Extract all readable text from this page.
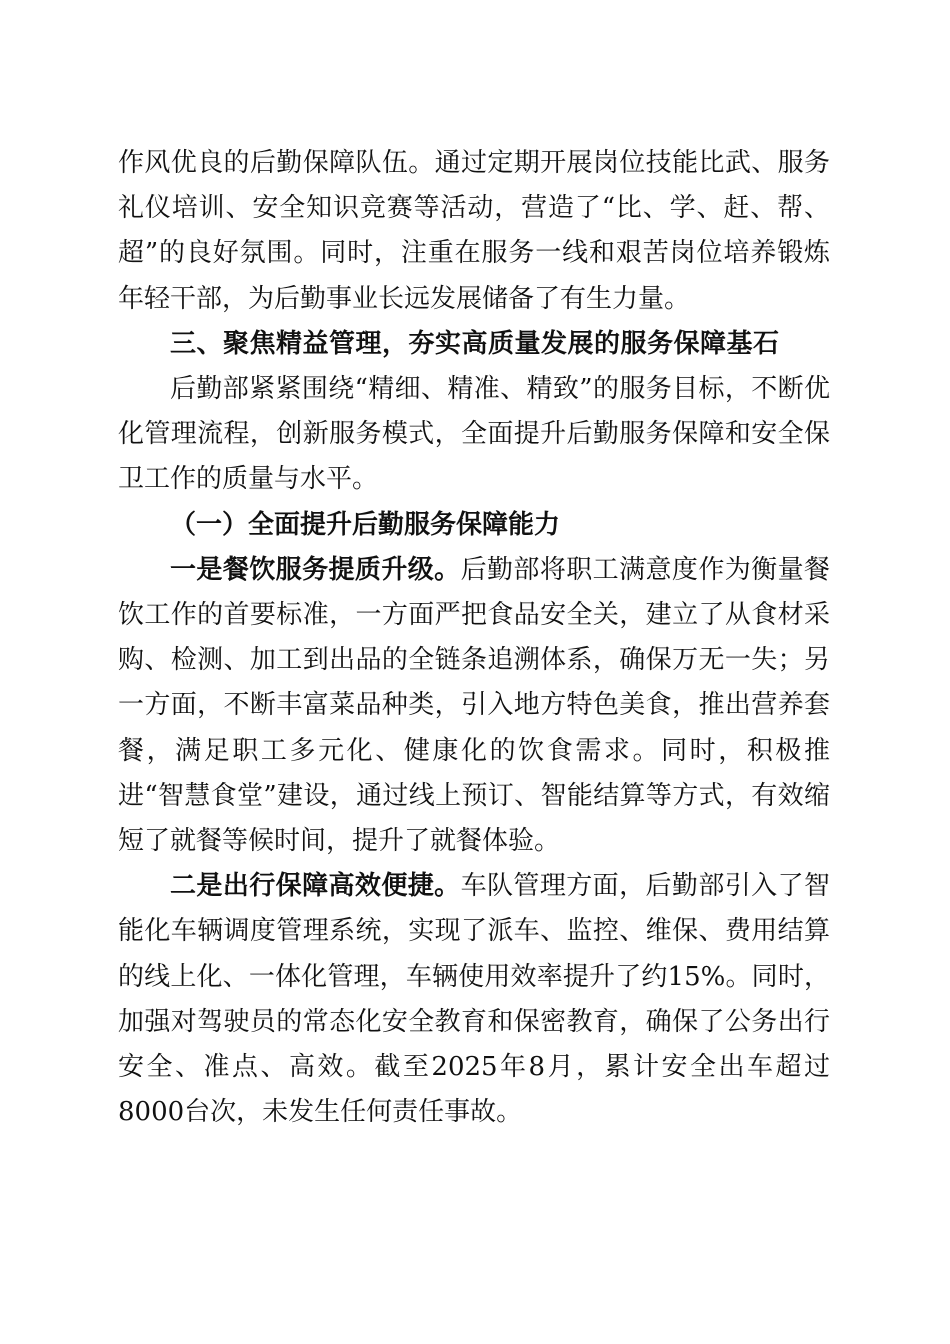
作风优良的后勤保障队伍。通过定期开展岗位技能比武、服务礼仪培训、安全知识竞赛等活动，营造了“比、学、赶、帮、超”的良好氛围。同时，注重在服务一线和艰苦岗位培养锻炼年轻干部，为后勤事业长远发展储备了有生力量。

三、聚焦精益管理，夯实高质量发展的服务保障基石

后勤部紧紧围绕“精细、精准、精致”的服务目标，不断优化管理流程，创新服务模式，全面提升后勤服务保障和安全保卫工作的质量与水平。

（一）全面提升后勤服务保障能力

一是餐饮服务提质升级。后勤部将职工满意度作为衡量餐饮工作的首要标准，一方面严把食品安全关，建立了从食材采购、检测、加工到出品的全链条追溯体系，确保万无一失；另一方面，不断丰富菜品种类，引入地方特色美食，推出营养套餐，满足职工多元化、健康化的饮食需求。同时，积极推进“智慧食堂”建设，通过线上预订、智能结算等方式，有效缩短了就餐等候时间，提升了就餐体验。

二是出行保障高效便捷。车队管理方面，后勤部引入了智能化车辆调度管理系统，实现了派车、监控、维保、费用结算的线上化、一体化管理，车辆使用效率提升了约15%。同时，加强对驾驶员的常态化安全教育和保密教育，确保了公务出行安全、准点、高效。截至2025年8月，累计安全出车超过8000台次，未发生任何责任事故。
